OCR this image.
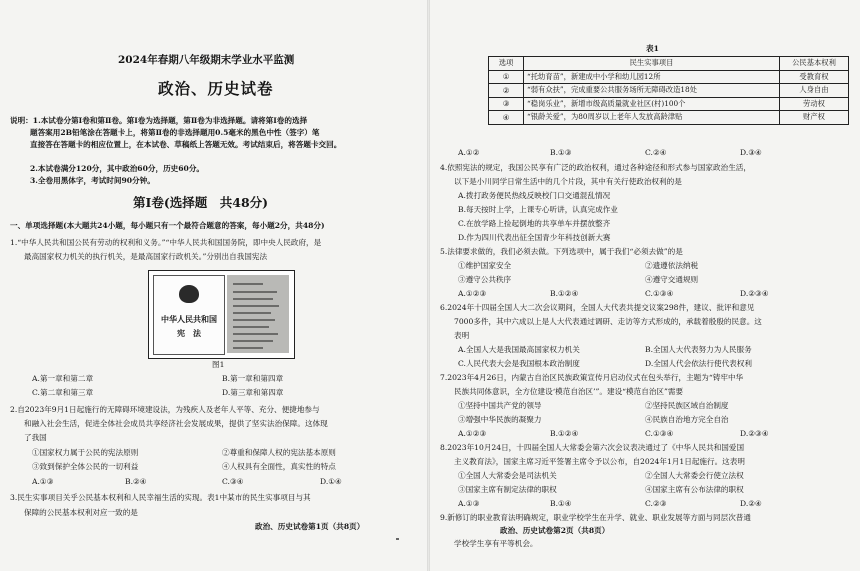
2024年春期八年级期末学业水平监测
政治、历史试卷
说明：1.本试卷分第Ⅰ卷和第Ⅱ卷。第Ⅰ卷为选择题，第Ⅱ卷为非选择题。请将第Ⅰ卷的选择
题答案用2B铅笔涂在答题卡上，将第Ⅱ卷的非选择题用0.5毫米的黑色中性（签字）笔
直接答在答题卡的相应位置上，在本试卷、草稿纸上答题无效。考试结束后，将答题卡交回。
2.本试卷满分120分，其中政治60分，历史60分。
3.全卷用黑体字，考试时间90分钟。
第Ⅰ卷(选择题　共48分)
一、单项选择题(本大题共24小题，每小题只有一个最符合题意的答案，每小题2分，共48分)
1.“中华人民共和国公民有劳动的权利和义务。”“中华人民共和国国务院，即中央人民政府，是
最高国家权力机关的执行机关，是最高国家行政机关。”分别出自我国宪法
中华人民共和国
宪　法
图1
A.第一章和第二章	B.第一章和第四章
C.第二章和第三章	D.第三章和第四章
2.自2023年9月1日起施行的无障碍环境建设法，为残疾人及老年人平等、充分、便捷地参与
和融入社会生活，促进全体社会成员共享经济社会发展成果，提供了坚实法治保障。这体现
了我国
①国家权力属于公民的宪法原则	②尊重和保障人权的宪法基本原则
③致到保护全体公民的一切利益	④人权具有全面性，真实性的特点
A.①③	B.②④	C.③④	D.①④
3.民生实事项目关乎公民基本权利和人民幸福生活的实现。表1中某市的民生实事项目与其
保障的公民基本权利对应一致的是
政治、历史试卷第1页（共8页）
表1
选项	民生实事项目	公民基本权利
①	“托幼育苗”，新建成中小学和幼儿园12所	受教育权
②	“弱有众扶”，完成重要公共服务场所无障碍改造18处	人身自由
③	“稳岗乐业”，新增市级高质量就业社区(村)100个	劳动权
④	“银龄关爱”，为80周岁以上老年人发放高龄津贴	财产权
A.①②	B.①③	C.②④	D.③④
4.依照宪法的规定，我国公民享有广泛的政治权利，通过各种途径和形式参与国家政治生活，
以下是小川同学日常生活中的几个片段，其中有关行使政治权利的是
A.拨打政务便民热线反映校门口交通混乱情况
B.每天按时上学，上课专心听讲，认真完成作业
C.在放学路上捡起倒地的共享单车并摆放整齐
D.作为四川代表出征全国青少年科技创新大赛
5.法律要求做的，我们必须去做。下列选项中，属于我们“必须去做”的是
①维护国家安全	②遗遵依法纳税
③遵守公共秩序	④遵守交通规则
A.①②③	B.①②④	C.①③④	D.②③④
6.2024年十四届全国人大二次会议期间，全国人大代表共提交议案298件，建议、批评和意见
7000多件，其中六成以上是人大代表通过调研、走访等方式形成的，承载着殷殷的民意。这
表明
A.全国人大是我国最高国家权力机关	B.全国人大代表努力为人民服务
C.人民代表大会是我国根本政治制度	D.全国人代会依法行使代表权利
7.2023年4月26日，内蒙古自治区民族政策宣传月启动仪式在包头举行，主题为“铸牢中华
民族共同体意识，全方位建设‘模范自治区’”。建设“模范自治区”需要
①坚持中国共产党的领导	②坚持民族区域自治制度
③增强中华民族的凝聚力	④民族自治地方完全自治
A.①②③	B.①②④	C.①③④	D.②③④
8.2023年10月24日，十四届全国人大常委会第六次会议表决通过了《中华人民共和国爱国
主义教育法》，国家主席习近平签署主席令予以公布，自2024年1月1日起施行。这表明
①全国人大常委会是司法机关	②全国人大常委会行使立法权
③国家主席有制定法律的职权	④国家主席有公布法律的职权
A.①③	B.①④	C.②③	D.②④
9.新修订的职业教育法明确规定，职业学校学生在升学、就业、职业发展等方面与同层次普通
学校学生享有平等机会。
政治、历史试卷第2页（共8页）
